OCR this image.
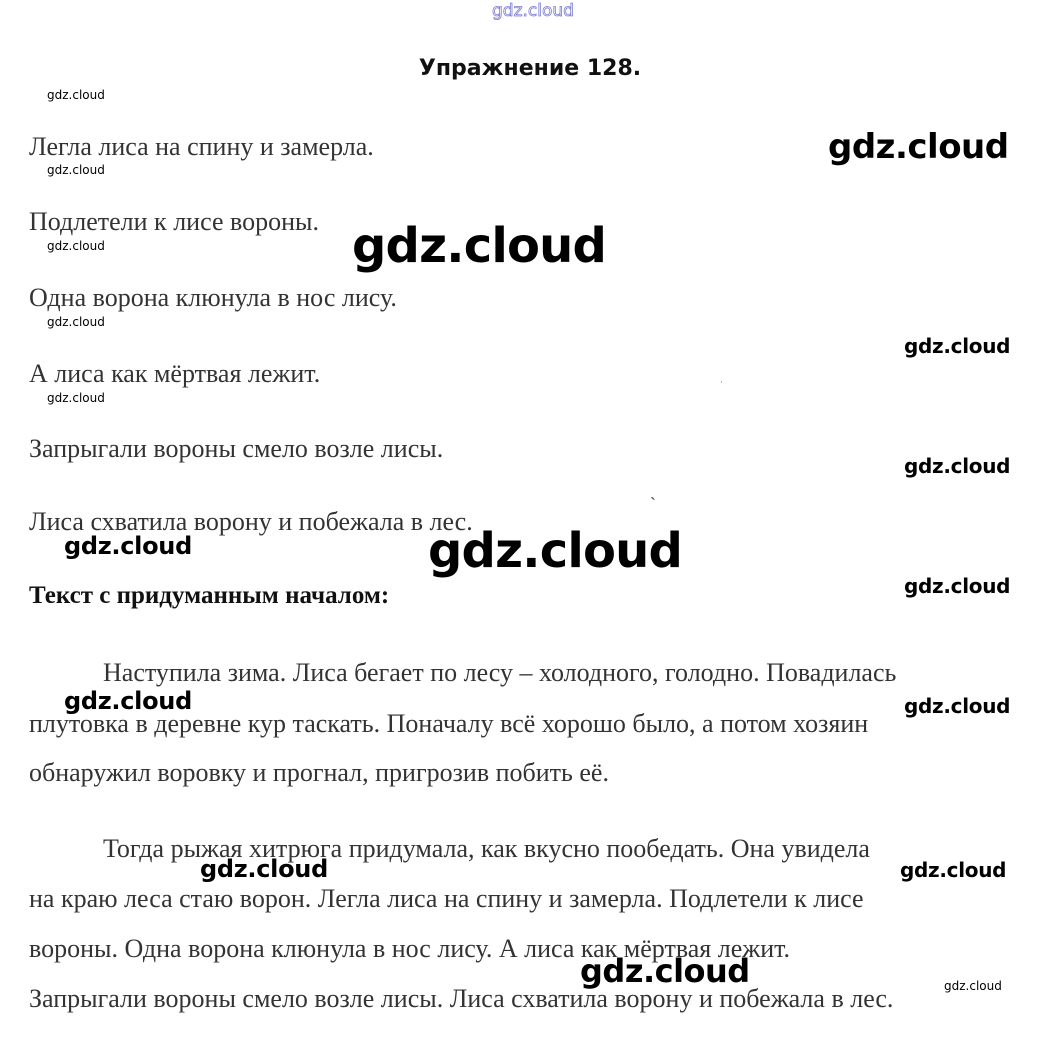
gdz.cloud
Упражнение 128.
gdz.cloud
gdz.cloud
gdz.cloud
gdz.cloud
gdz.cloud
Легла лиса на спину и замерла.
Подлетели к лисе вороны.
Одна ворона клюнула в нос лису.
А лиса как мёртвая лежит.
Запрыгали вороны смело возле лисы.
Лиса схватила ворону и побежала в лес.
Текст с придуманным началом:
Наступила зима. Лиса бегает по лесу – холодного, голодно. Повадилась
плутовка в деревне кур таскать. Поначалу всё хорошо было, а потом хозяин
обнаружил воровку и прогнал, пригрозив побить её.
Тогда рыжая хитрюга придумала, как вкусно пообедать. Она увидела
на краю леса стаю ворон. Легла лиса на спину и замерла. Подлетели к лисе
вороны. Одна ворона клюнула в нос лису. А лиса как мёртвая лежит.
Запрыгали вороны смело возле лисы. Лиса схватила ворону и побежала в лес.
gdz.cloud
gdz.cloud
gdz.cloud
gdz.cloud
gdz.cloud	gdz.cloud
gdz.cloud
gdz.cloud	gdz.cloud
gdz.cloud	gdz.cloud
gdz.cloud	gdz.cloud
·
`
